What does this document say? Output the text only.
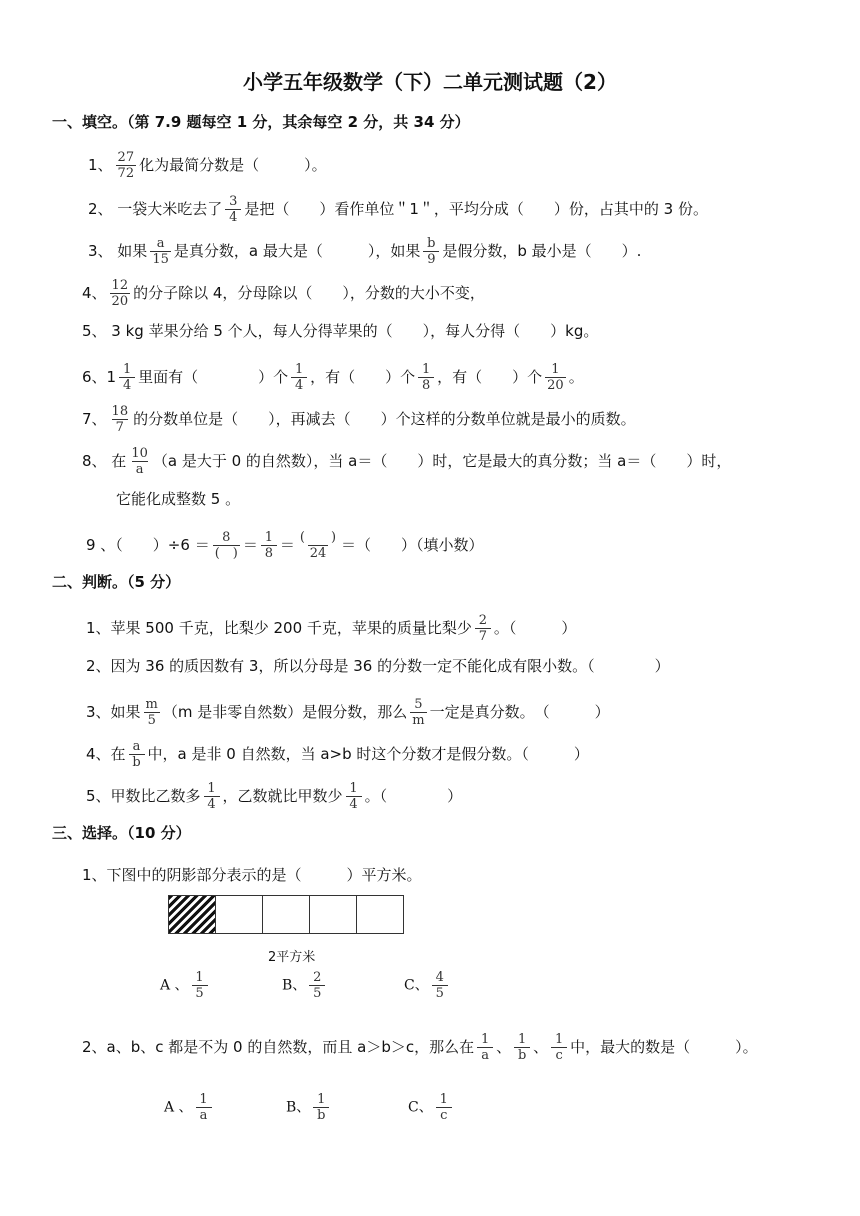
小学五年级数学（下）二单元测试题（2）
一、填空。（第 7.9 题每空 1 分，其余每空 2 分，共 34 分）
1、 $\frac{27}{72}$ 化为最简分数是（　　　）。
2、 一袋大米吃去了 $\frac{3}{4}$ 是把（　　）看作单位＂1＂，平均分成（　　）份，占其中的 3 份。
3、 如果 $\frac{a}{15}$ 是真分数，a 最大是（　　　），如果 $\frac{b}{9}$ 是假分数，b 最小是（　　）.
4、 $\frac{12}{20}$ 的分子除以 4，分母除以（　　），分数的大小不变，
5、 3 kg 苹果分给 5 个人，每人分得苹果的（　　），每人分得（　　）kg。
6、$1 \frac{1}{4}$ 里面有（　　　　）个 $\frac{1}{4}$ ，有（　　）个 $\frac{1}{8}$ ，有（　　）个 $\frac{1}{20}$ 。
7、 $\frac{18}{7}$ 的分数单位是（　　），再减去（　　）个这样的分数单位就是最小的质数。
8、 在 $\frac{10}{a} (a$ 是大于 0 的自然数），当 a＝（　　）时，它是最大的真分数；当 a＝（　　）时，
它能化成整数 5 。
9 、（　　）÷6 ＝ 8
(　) ＝ $\frac{1}{8}$ ＝ (　　)
24 ＝（　　）（填小数）
二、判断。（5 分）
1、苹果 500 千克，比梨少 200 千克，苹果的质量比梨少 $\frac{2}{7}$ 。（　　　）
2、因为 36 的质因数有 3，所以分母是 36 的分数一定不能化成有限小数。（　　　　）
3、如果 $\frac{m}{5} (m$ 是非零自然数）是假分数，那么 $\frac{5}{m}$ 一定是真分数。　（　　　）
4、在 $\frac{a}{b}$ 中，a 是非 0 自然数，当 a>b 时这个分数才是假分数。（　　　）
5、甲数比乙数多 $\frac{1}{4}$ ，乙数就比甲数少 $\frac{1}{4}$ 。（　　　　）
三、选择。（10 分）
1、下图中的阴影部分表示的是（　　　）平方米。
2平方米
A 、 $\frac{1}{5}$	B、 $\frac{2}{5}$	C、 $\frac{4}{5}$
2、a、b、c 都是不为 0 的自然数，而且 a＞b＞c，那么在 $\frac{1}{a}$ 、 $\frac{1}{b}$ 、 $\frac{1}{c}$ 中，最大的数是（　　　）。
A 、 $\frac{1}{a}$	B、 $\frac{1}{b}$	C、 $\frac{1}{c}$
